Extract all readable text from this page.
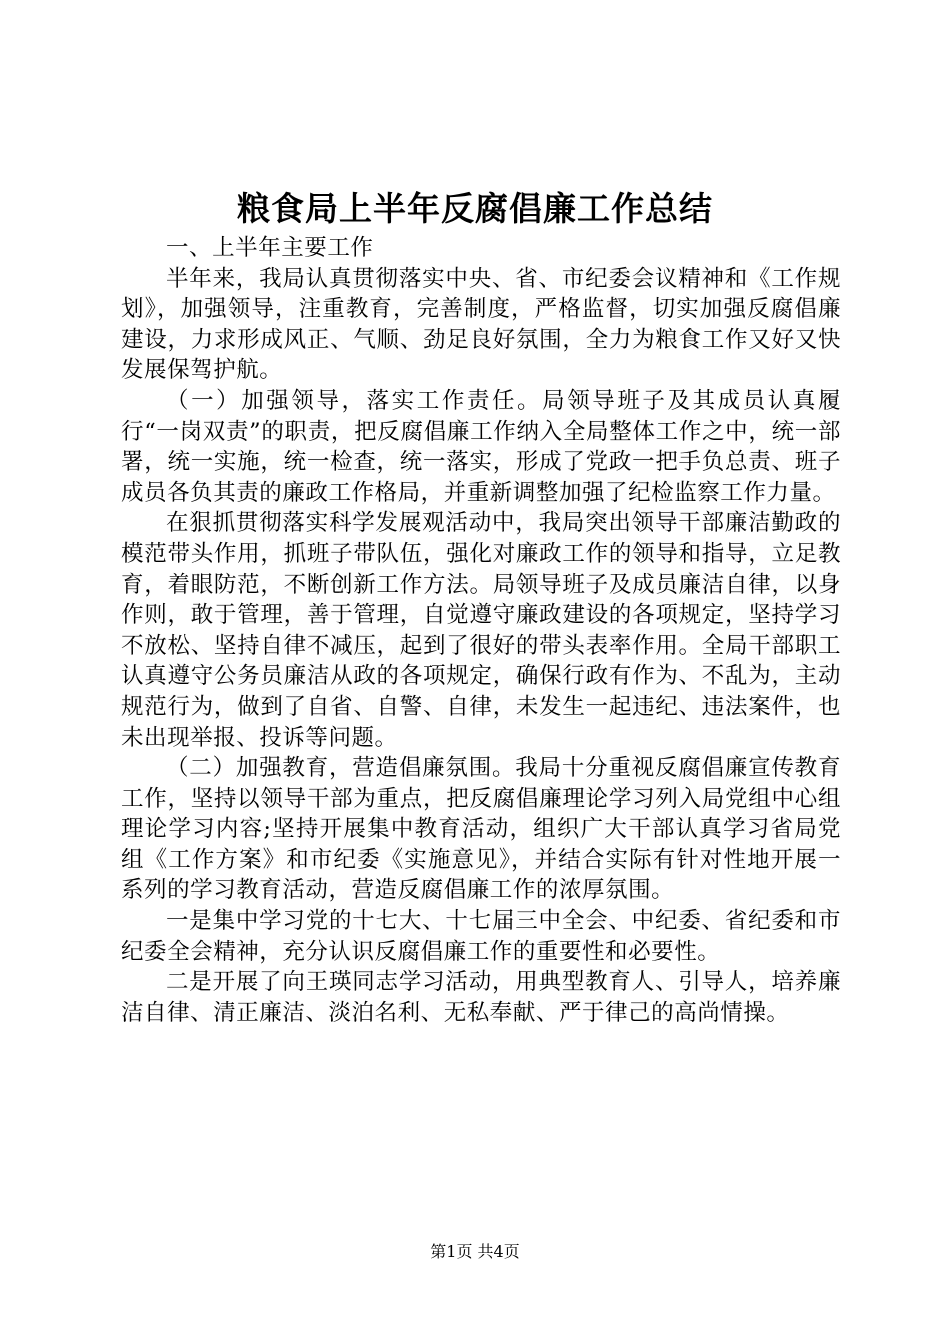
粮食局上半年反腐倡廉工作总结

一、上半年主要工作

半年来，我局认真贯彻落实中央、省、市纪委会议精神和《工作规划》，加强领导，注重教育，完善制度，严格监督，切实加强反腐倡廉建设，力求形成风正、气顺、劲足良好氛围，全力为粮食工作又好又快发展保驾护航。

（一）加强领导，落实工作责任。局领导班子及其成员认真履行“一岗双责”的职责，把反腐倡廉工作纳入全局整体工作之中，统一部署，统一实施，统一检查，统一落实，形成了党政一把手负总责、班子成员各负其责的廉政工作格局，并重新调整加强了纪检监察工作力量。

在狠抓贯彻落实科学发展观活动中，我局突出领导干部廉洁勤政的模范带头作用，抓班子带队伍，强化对廉政工作的领导和指导，立足教育，着眼防范，不断创新工作方法。局领导班子及成员廉洁自律，以身作则，敢于管理，善于管理，自觉遵守廉政建设的各项规定，坚持学习不放松、坚持自律不减压，起到了很好的带头表率作用。全局干部职工认真遵守公务员廉洁从政的各项规定，确保行政有作为、不乱为，主动规范行为，做到了自省、自警、自律，未发生一起违纪、违法案件，也未出现举报、投诉等问题。

（二）加强教育，营造倡廉氛围。我局十分重视反腐倡廉宣传教育工作，坚持以领导干部为重点，把反腐倡廉理论学习列入局党组中心组理论学习内容;坚持开展集中教育活动，组织广大干部认真学习省局党组《工作方案》和市纪委《实施意见》，并结合实际有针对性地开展一系列的学习教育活动，营造反腐倡廉工作的浓厚氛围。

一是集中学习党的十七大、十七届三中全会、中纪委、省纪委和市纪委全会精神，充分认识反腐倡廉工作的重要性和必要性。

二是开展了向王瑛同志学习活动，用典型教育人、引导人，培养廉洁自律、清正廉洁、淡泊名利、无私奉献、严于律己的高尚情操。

第1页 共4页
